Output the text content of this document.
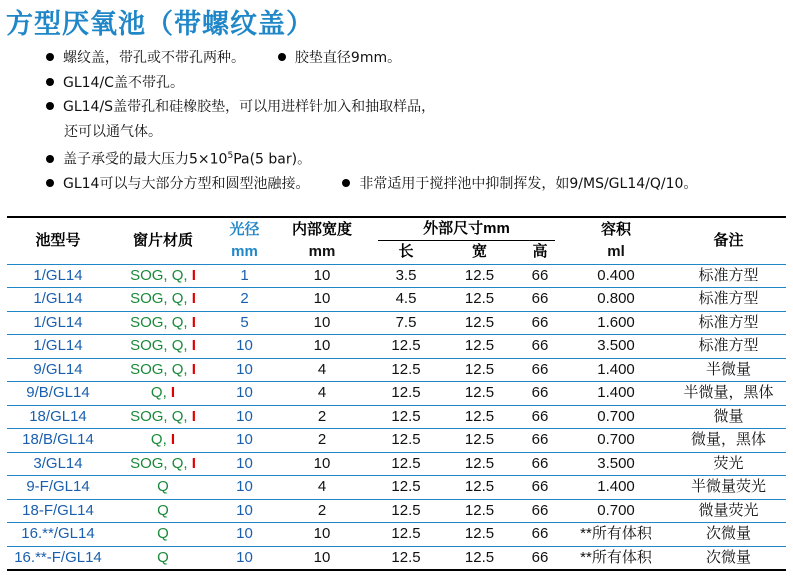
方型厌氧池（带螺纹盖）
螺纹盖，带孔或不带孔两种。	胶垫直径9mm。
GL14/C盖不带孔。
GL14/S盖带孔和硅橡胶垫，可以用进样针加入和抽取样品，
还可以通气体。
盖子承受的最大压力$5\times 10^5Pa(5$ bar)。
GL14可以与大部分方型和圆型池融接。	非常适用于搅拌池中抑制挥发，如9/MS/GL14/Q/10。
池型号	窗片材质	光径	内部宽度	外部尺寸mm			容积	备注
		mm	mm	长	宽	高	ml	
1/GL14	SOG, Q, I	1	10	3.5	12.5	66	0.400	标准方型
1/GL14	SOG, Q, I	2	10	4.5	12.5	66	0.800	标准方型
1/GL14	SOG, Q, I	5	10	7.5	12.5	66	1.600	标准方型
1/GL14	SOG, Q, I	10	10	12.5	12.5	66	3.500	标准方型
9/GL14	SOG, Q, I	10	4	12.5	12.5	66	1.400	半微量
9/B/GL14	Q, I	10	4	12.5	12.5	66	1.400	半微量，黑体
18/GL14	SOG, Q, I	10	2	12.5	12.5	66	0.700	微量
18/B/GL14	Q, I	10	2	12.5	12.5	66	0.700	微量，黑体
3/GL14	SOG, Q, I	10	10	12.5	12.5	66	3.500	荧光
9-F/GL14	Q	10	4	12.5	12.5	66	1.400	半微量荧光
18-F/GL14	Q	10	2	12.5	12.5	66	0.700	微量荧光
16.**/GL14	Q	10	10	12.5	12.5	66	**所有体积	次微量
16.**-F/GL14	Q	10	10	12.5	12.5	66	**所有体积	次微量
